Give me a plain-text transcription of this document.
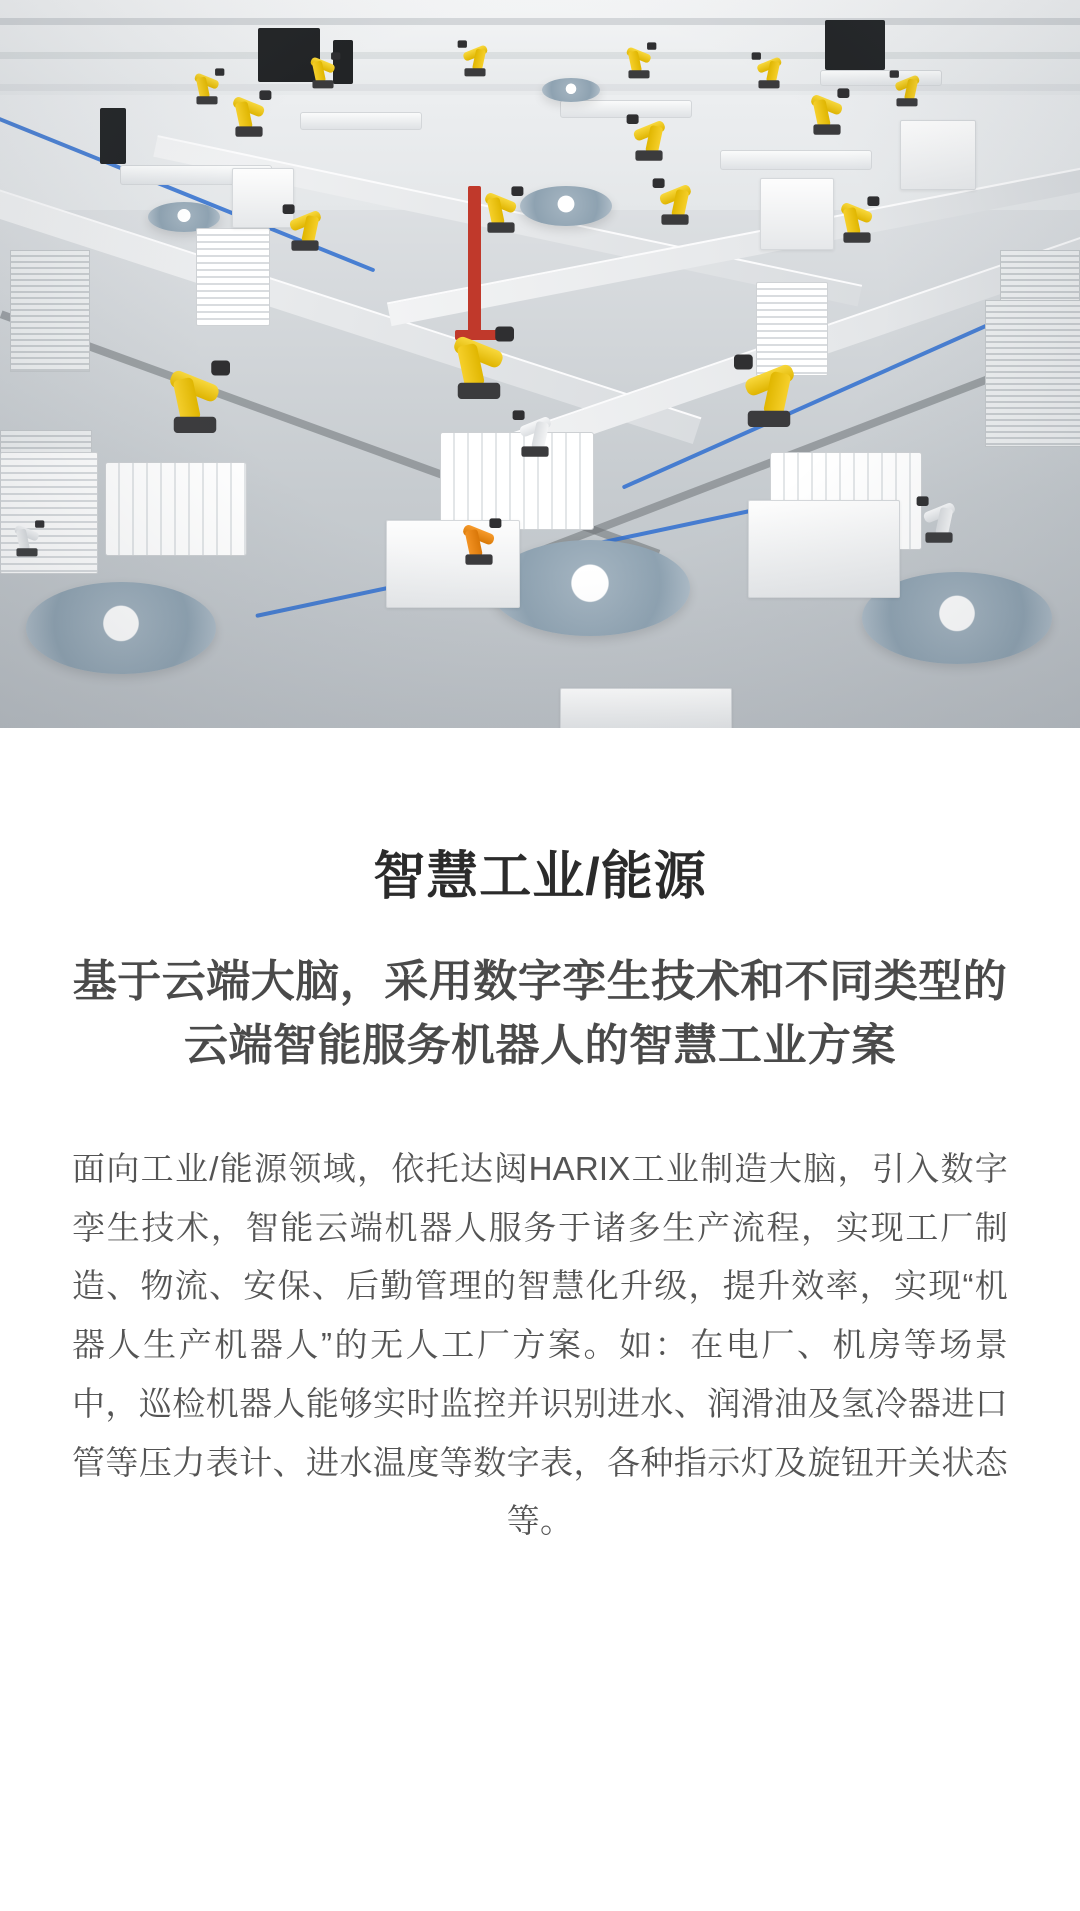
智慧工业/能源
基于云端大脑，采用数字孪生技术和不同类型的云端智能服务机器人的智慧工业方案

面向工业/能源领域，依托达闼HARIX工业制造大脑，引入数字孪生技术，智能云端机器人服务于诸多生产流程，实现工厂制造、物流、安保、后勤管理的智慧化升级，提升效率，实现“机器人生产机器人”的无人工厂方案。如：在电厂、机房等场景中，巡检机器人能够实时监控并识别进水、润滑油及氢冷器进口管等压力表计、进水温度等数字表，各种指示灯及旋钮开关状态等。
